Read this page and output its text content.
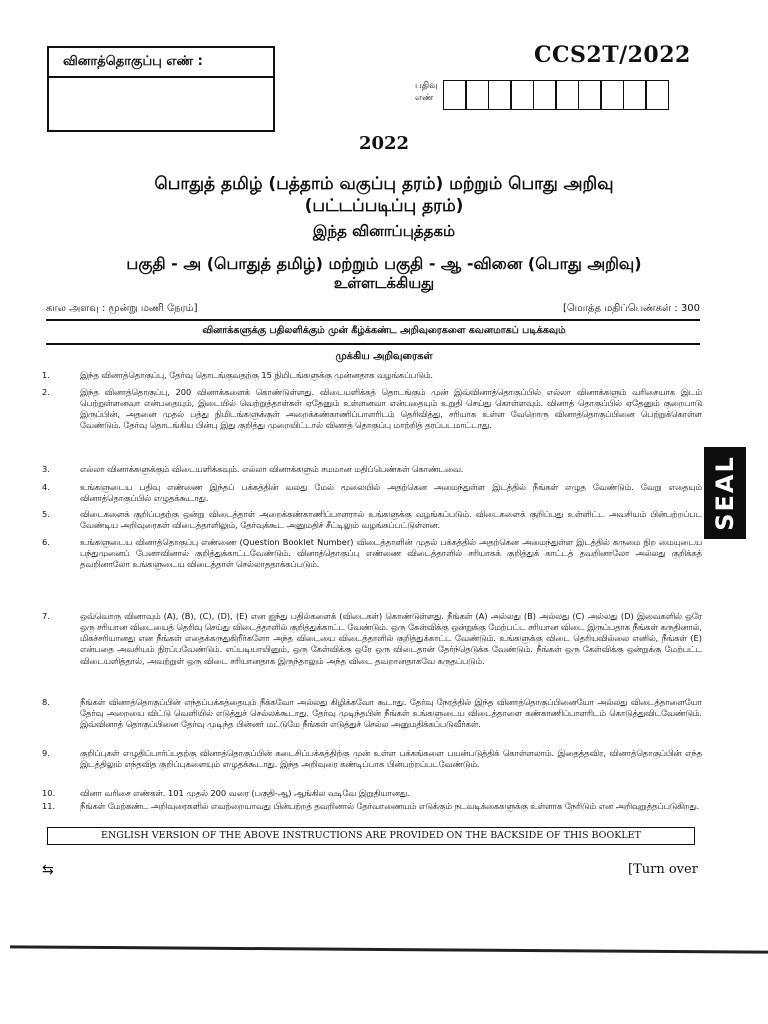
வினாத்தொகுப்பு எண் :	CCS2T/2022
பதிவு
எண்
2022
பொதுத் தமிழ் (பத்தாம் வகுப்பு தரம்) மற்றும் பொது அறிவு
(பட்டப்படிப்பு தரம்)
இந்த வினாப்புத்தகம்
பகுதி - அ (பொதுத் தமிழ்) மற்றும் பகுதி - ஆ -வினை (பொது அறிவு)
உள்ளடக்கியது
கால அளவு : மூன்று மணி நேரம்]	[மொத்த மதிப்பெண்கள் : 300
வினாக்களுக்கு பதிலளிக்கும் முன் கீழ்க்கண்ட அறிவுரைகளை கவனமாகப் படிக்கவும்
முக்கிய அறிவுரைகள்
1.	இந்த வினாத்தொகுப்பு, தேர்வு தொடங்குவதற்கு 15 நிமிடங்களுக்கு முன்னதாக வழங்கப்படும்.
2.	இந்த வினாத்தொகுப்பு, 200 வினாக்களைக் கொண்டுள்ளது. விடையளிக்கத் தொடங்கும் முன் இவ்வினாத்தொகுப்பில் எல்லா வினாக்களும் வரிசையாக இடம் பெற்றுள்ளனவா என்பதையும், இடையில் வெற்றுத்தாள்கள் ஏதேனும் உள்ளனவா என்பதையும் உறுதி செய்து கொள்ளவும். வினாத் தொகுப்பில் ஏதேனும் குறைபாடு இருப்பின், அதனை முதல் பத்து நிமிடங்களுக்குள் அறைக்கண்காணிப்பாளரிடம் தெரிவித்து, சரியாக உள்ள வேறொரு வினாத்தொகுப்பினை பெற்றுக்கொள்ள வேண்டும். தேர்வு தொடங்கிய பின்பு இது குறித்து முறையிட்டால் வினாத் தொகுப்பு மாற்றித் தரப்படமாட்டாது.
3.	எல்லா வினாக்களுக்கும் விடையளிக்கவும். எல்லா வினாக்களும் சமமான மதிப்பெண்கள் கொண்டவை.
4.	உங்களுடைய பதிவு எண்ணை இந்தப் பக்கத்தின் வலது மேல் மூலையில் அதற்கென அமைந்துள்ள இடத்தில் நீங்கள் எழுத வேண்டும். வேறு எதையும் வினாத்தொகுப்பில் எழுதக்கூடாது.
5.	விடைகளைக் குறிப்பதற்கு ஒன்று விடைத்தாள் அறைக்கண்காணிப்பாளரால் உங்களுக்கு வழங்கப்படும். விடைகளைக் குறிப்பது உள்ளிட்ட அவசியம் பின்பற்றப்பட வேண்டிய அறிவுரைகள் விடைத்தாளிலும், தேர்வுக்கூட அனுமதிச் சீட்டிலும் வழங்கப்பட்டுள்ளன.
6.	உங்களுடைய வினாத்தொகுப்பு எண்ணை (Question Booklet Number) விடைத்தாளின் முதல் பக்கத்தில் அதற்கென அமைந்துள்ள இடத்தில் கருமை நிற மையுடைய பந்துமுனைப் பேனாவினால் குறித்துக்காட்டவேண்டும். வினாத்தொகுப்பு எண்ணை விடைத்தாளில் சரியாகக் குறித்துக் காட்டத் தவறினாலோ அல்லது குறிக்கத் தவறினாலோ உங்களுடைய விடைத்தாள் செல்லாததாக்கப்படும்.
7.	ஒவ்வொரு வினாவும் (A), (B), (C), (D), (E) என ஐந்து பதில்களைக் (விடைகள்) கொண்டுள்ளது. நீங்கள் (A) அல்லது (B) அல்லது (C) அல்லது (D) இவைகளில் ஒரே ஒரு சரியான விடையைத் தெரிவு செய்து விடைத்தாளில் குறித்துக்காட்ட வேண்டும். ஒரு கேள்விக்கு ஒன்றுக்கு மேற்பட்ட சரியான விடை இருப்பதாக நீங்கள் கருதினால், மிகச்சரியானது என நீங்கள் எதைக்கருதுகிறீர்களோ அந்த விடையை விடைத்தாளில் குறித்துக்காட்ட வேண்டும். உங்களுக்கு விடை தெரியவில்லை எனில், நீங்கள் (E) என்பதை அவசியம் நிரப்பவேண்டும். எப்படியாயினும், ஒரு கேள்விக்கு ஒரே ஒரு விடைதான் தேர்ந்தெடுக்க வேண்டும். நீங்கள் ஒரு கேள்விக்கு ஒன்றுக்கு மேற்பட்ட விடையளித்தால், அவற்றுள் ஒரு விடை சரியானதாக இருந்தாலும் அந்த விடை தவறானதாகவே கருதப்படும்.
8.	நீங்கள் வினாத்தொகுப்பின் எந்தப்பக்கத்தையும் நீக்கவோ அல்லது கிழிக்கவோ கூடாது. தேர்வு நேரத்தில் இந்த வினாத்தொகுப்பினையோ அல்லது விடைத்தாளையோ தேர்வு அறையை விட்டு வெளியில் எடுத்துச் செல்லக்கூடாது. தேர்வு முடிந்தபின் நீங்கள் உங்களுடைய விடைத்தாளை கண்காணிப்பாளரிடம் கொடுத்துவிடவேண்டும். இவ்வினாத் தொகுப்பினை தேர்வு முடிந்த பின்னர் மட்டுமே நீங்கள் எடுத்துச் செல்ல அனுமதிக்கப்படுவீர்கள்.
9.	குறிப்புகள் எழுதிப்பார்ப்பதற்கு வினாத்தொகுப்பின் கடைசிப்பக்கத்திற்கு முன் உள்ள பக்கங்களை பயன்படுத்திக் கொள்ளலாம். இதைத்தவிர, வினாத்தொகுப்பின் எந்த இடத்திலும் எந்தவித குறிப்புகளையும் எழுதக்கூடாது. இந்த அறிவுரை கண்டிப்பாக பின்பற்றப்படவேண்டும்.
10.	வினா வரிசை எண்கள். 101 முதல் 200 வரை (பகுதி-ஆ) ஆங்கில வடிவே இறுதியானது.
11.	நீங்கள் மேற்கண்ட அறிவுரைகளில் எவற்றையாவது பின்பற்றத் தவறினால் தேர்வாணையம் எடுக்கும் நடவடிக்கைகளுக்கு உள்ளாக நேரிடும் என அறிவுறுத்தப்படுகிறது.
SEAL
ENGLISH VERSION OF THE ABOVE INSTRUCTIONS ARE PROVIDED ON THE BACKSIDE OF THIS BOOKLET
⇆	[Turn over
